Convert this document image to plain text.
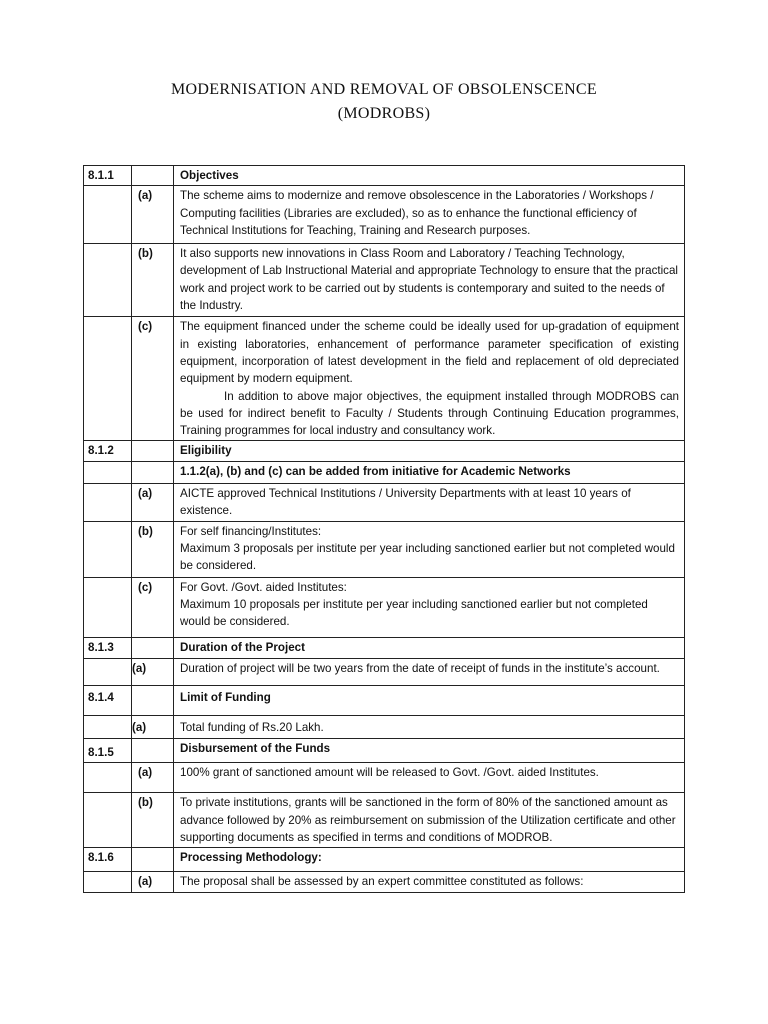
MODERNISATION AND REMOVAL OF OBSOLENSCENCE
(MODROBS)
8.1.1		Objectives
	(a)	The scheme aims to modernize and remove obsolescence in the Laboratories / Workshops / Computing facilities (Libraries are excluded), so as to enhance the functional efficiency of Technical Institutions for Teaching, Training and Research purposes.
	(b)	It also supports new innovations in Class Room and Laboratory / Teaching Technology, development of Lab Instructional Material and appropriate Technology to ensure that the practical work and project work to be carried out by students is contemporary and suited to the needs of the Industry.
	(c)	The equipment financed under the scheme could be ideally used for up-gradation of equipment in existing laboratories, enhancement of performance parameter specification of existing equipment, incorporation of latest development in the field and replacement of old depreciated equipment by modern equipment.
In addition to above major objectives, the equipment installed through MODROBS can be used for indirect benefit to Faculty / Students through Continuing Education programmes, Training programmes for local industry and consultancy work.

8.1.2		Eligibility
		1.1.2(a), (b) and (c) can be added from initiative for Academic Networks
	(a)	AICTE approved Technical Institutions / University Departments with at least 10 years of existence.
	(b)	For self financing/Institutes:
Maximum 3 proposals per institute per year including sanctioned earlier but not completed would be considered.

	(c)	For Govt. /Govt. aided Institutes:
Maximum 10 proposals per institute per year including sanctioned earlier but not completed would be considered.

8.1.3		Duration of the Project
	(a)	Duration of project will be two years from the date of receipt of funds in the institute’s account.
8.1.4		Limit of Funding
	(a)	Total funding of Rs.20 Lakh.
8.1.5		Disbursement of the Funds
	(a)	100% grant of sanctioned amount will be released to Govt. /Govt. aided Institutes.
	(b)	To private institutions, grants will be sanctioned in the form of 80% of the sanctioned amount as advance followed by 20% as reimbursement on submission of the Utilization certificate and other supporting documents as specified in terms and conditions of MODROB.
8.1.6		Processing Methodology:
	(a)	The proposal shall be assessed by an expert committee constituted as follows:
